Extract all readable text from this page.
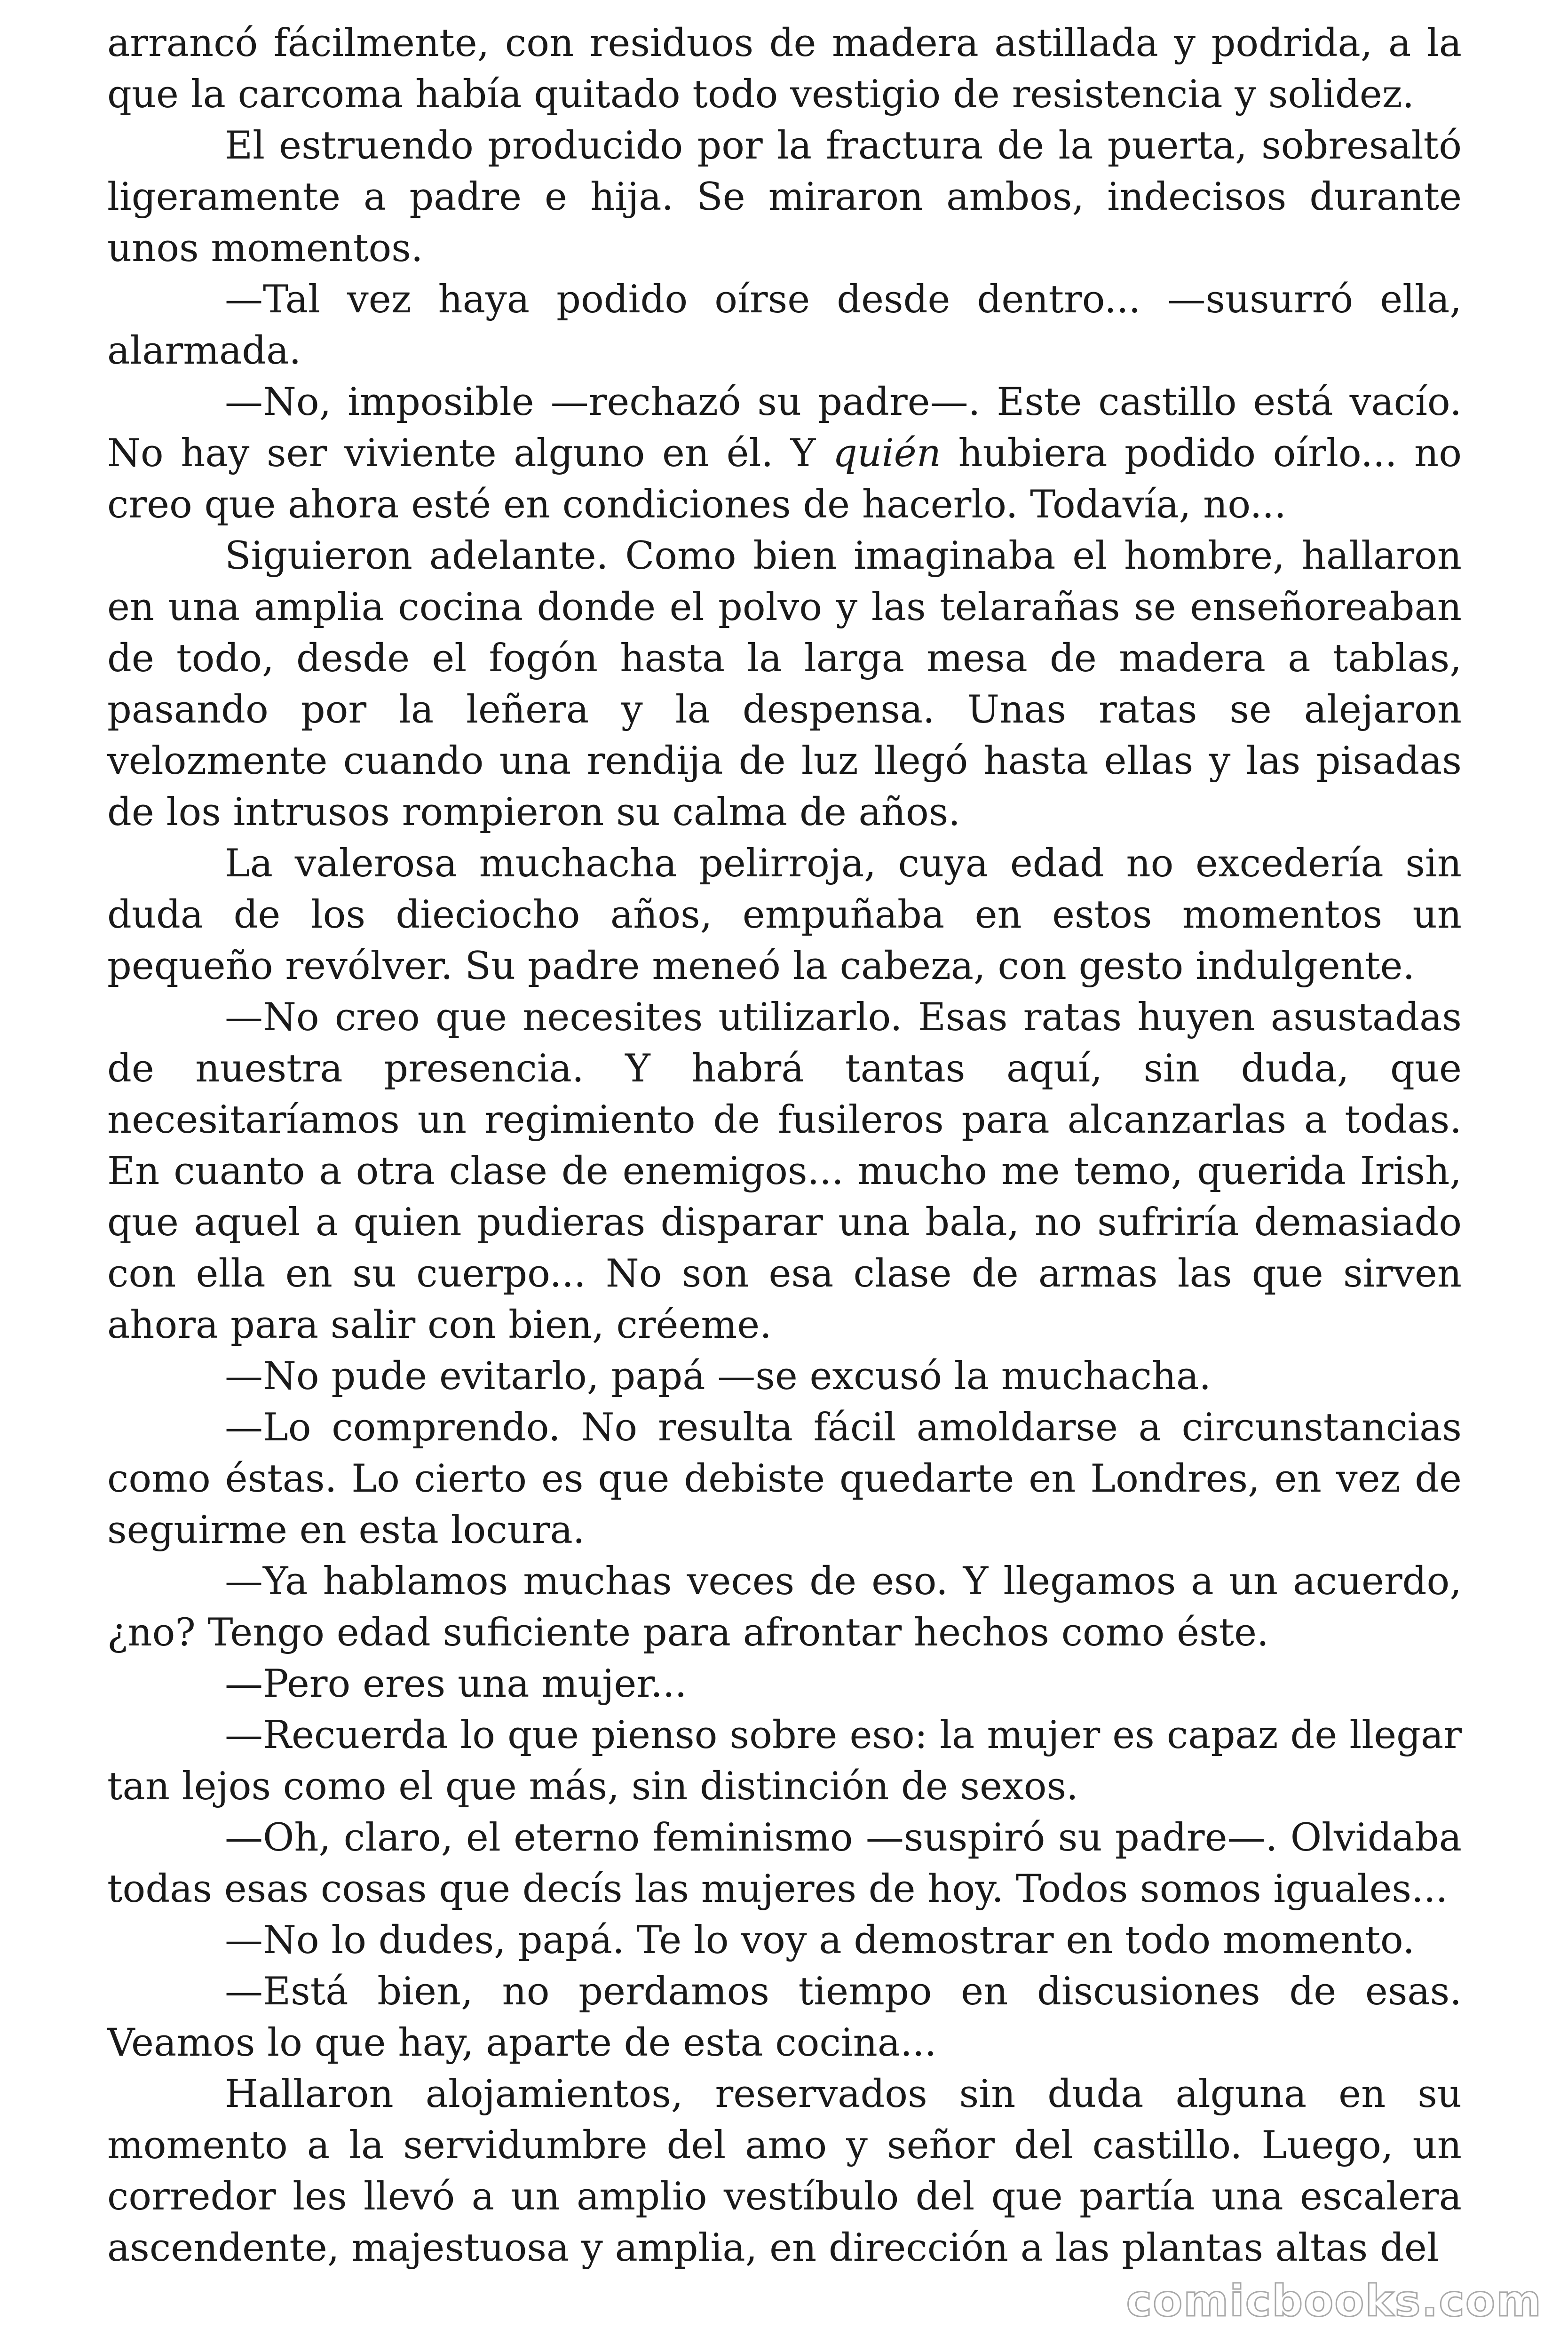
arrancó fácilmente, con residuos de madera astillada y podrida, a la que la carcoma había quitado todo vestigio de resistencia y solidez.

El estruendo producido por la fractura de la puerta, sobresaltó ligeramente a padre e hija. Se miraron ambos, indecisos durante unos momentos.

—Tal vez haya podido oírse desde dentro... —susurró ella, alarmada.

—No, imposible —rechazó su padre—. Este castillo está vacío. No hay ser viviente alguno en él. Y quién hubiera podido oírlo... no creo que ahora esté en condiciones de hacerlo. Todavía, no...

Siguieron adelante. Como bien imaginaba el hombre, hallaron en una amplia cocina donde el polvo y las telarañas se enseñoreaban de todo, desde el fogón hasta la larga mesa de madera a tablas, pasando por la leñera y la despensa. Unas ratas se alejaron velozmente cuando una rendija de luz llegó hasta ellas y las pisadas de los intrusos rompieron su calma de años.

La valerosa muchacha pelirroja, cuya edad no excedería sin duda de los dieciocho años, empuñaba en estos momentos un pequeño revólver. Su padre meneó la cabeza, con gesto indulgente.

—No creo que necesites utilizarlo. Esas ratas huyen asustadas de nuestra presencia. Y habrá tantas aquí, sin duda, que necesitaríamos un regimiento de fusileros para alcanzarlas a todas. En cuanto a otra clase de enemigos... mucho me temo, querida Irish, que aquel a quien pudieras disparar una bala, no sufriría demasiado con ella en su cuerpo... No son esa clase de armas las que sirven ahora para salir con bien, créeme.

—No pude evitarlo, papá —se excusó la muchacha.

—Lo comprendo. No resulta fácil amoldarse a circunstancias como éstas. Lo cierto es que debiste quedarte en Londres, en vez de seguirme en esta locura.

—Ya hablamos muchas veces de eso. Y llegamos a un acuerdo, ¿no? Tengo edad suficiente para afrontar hechos como éste.

—Pero eres una mujer...

—Recuerda lo que pienso sobre eso: la mujer es capaz de llegar tan lejos como el que más, sin distinción de sexos.

—Oh, claro, el eterno feminismo —suspiró su padre—. Olvidaba todas esas cosas que decís las mujeres de hoy. Todos somos iguales...

—No lo dudes, papá. Te lo voy a demostrar en todo momento.

—Está bien, no perdamos tiempo en discusiones de esas. Veamos lo que hay, aparte de esta cocina...

Hallaron alojamientos, reservados sin duda alguna en su momento a la servidumbre del amo y señor del castillo. Luego, un corredor les llevó a un amplio vestíbulo del que partía una escalera ascendente, majestuosa y amplia, en dirección a las plantas altas del

comicbooks.com
